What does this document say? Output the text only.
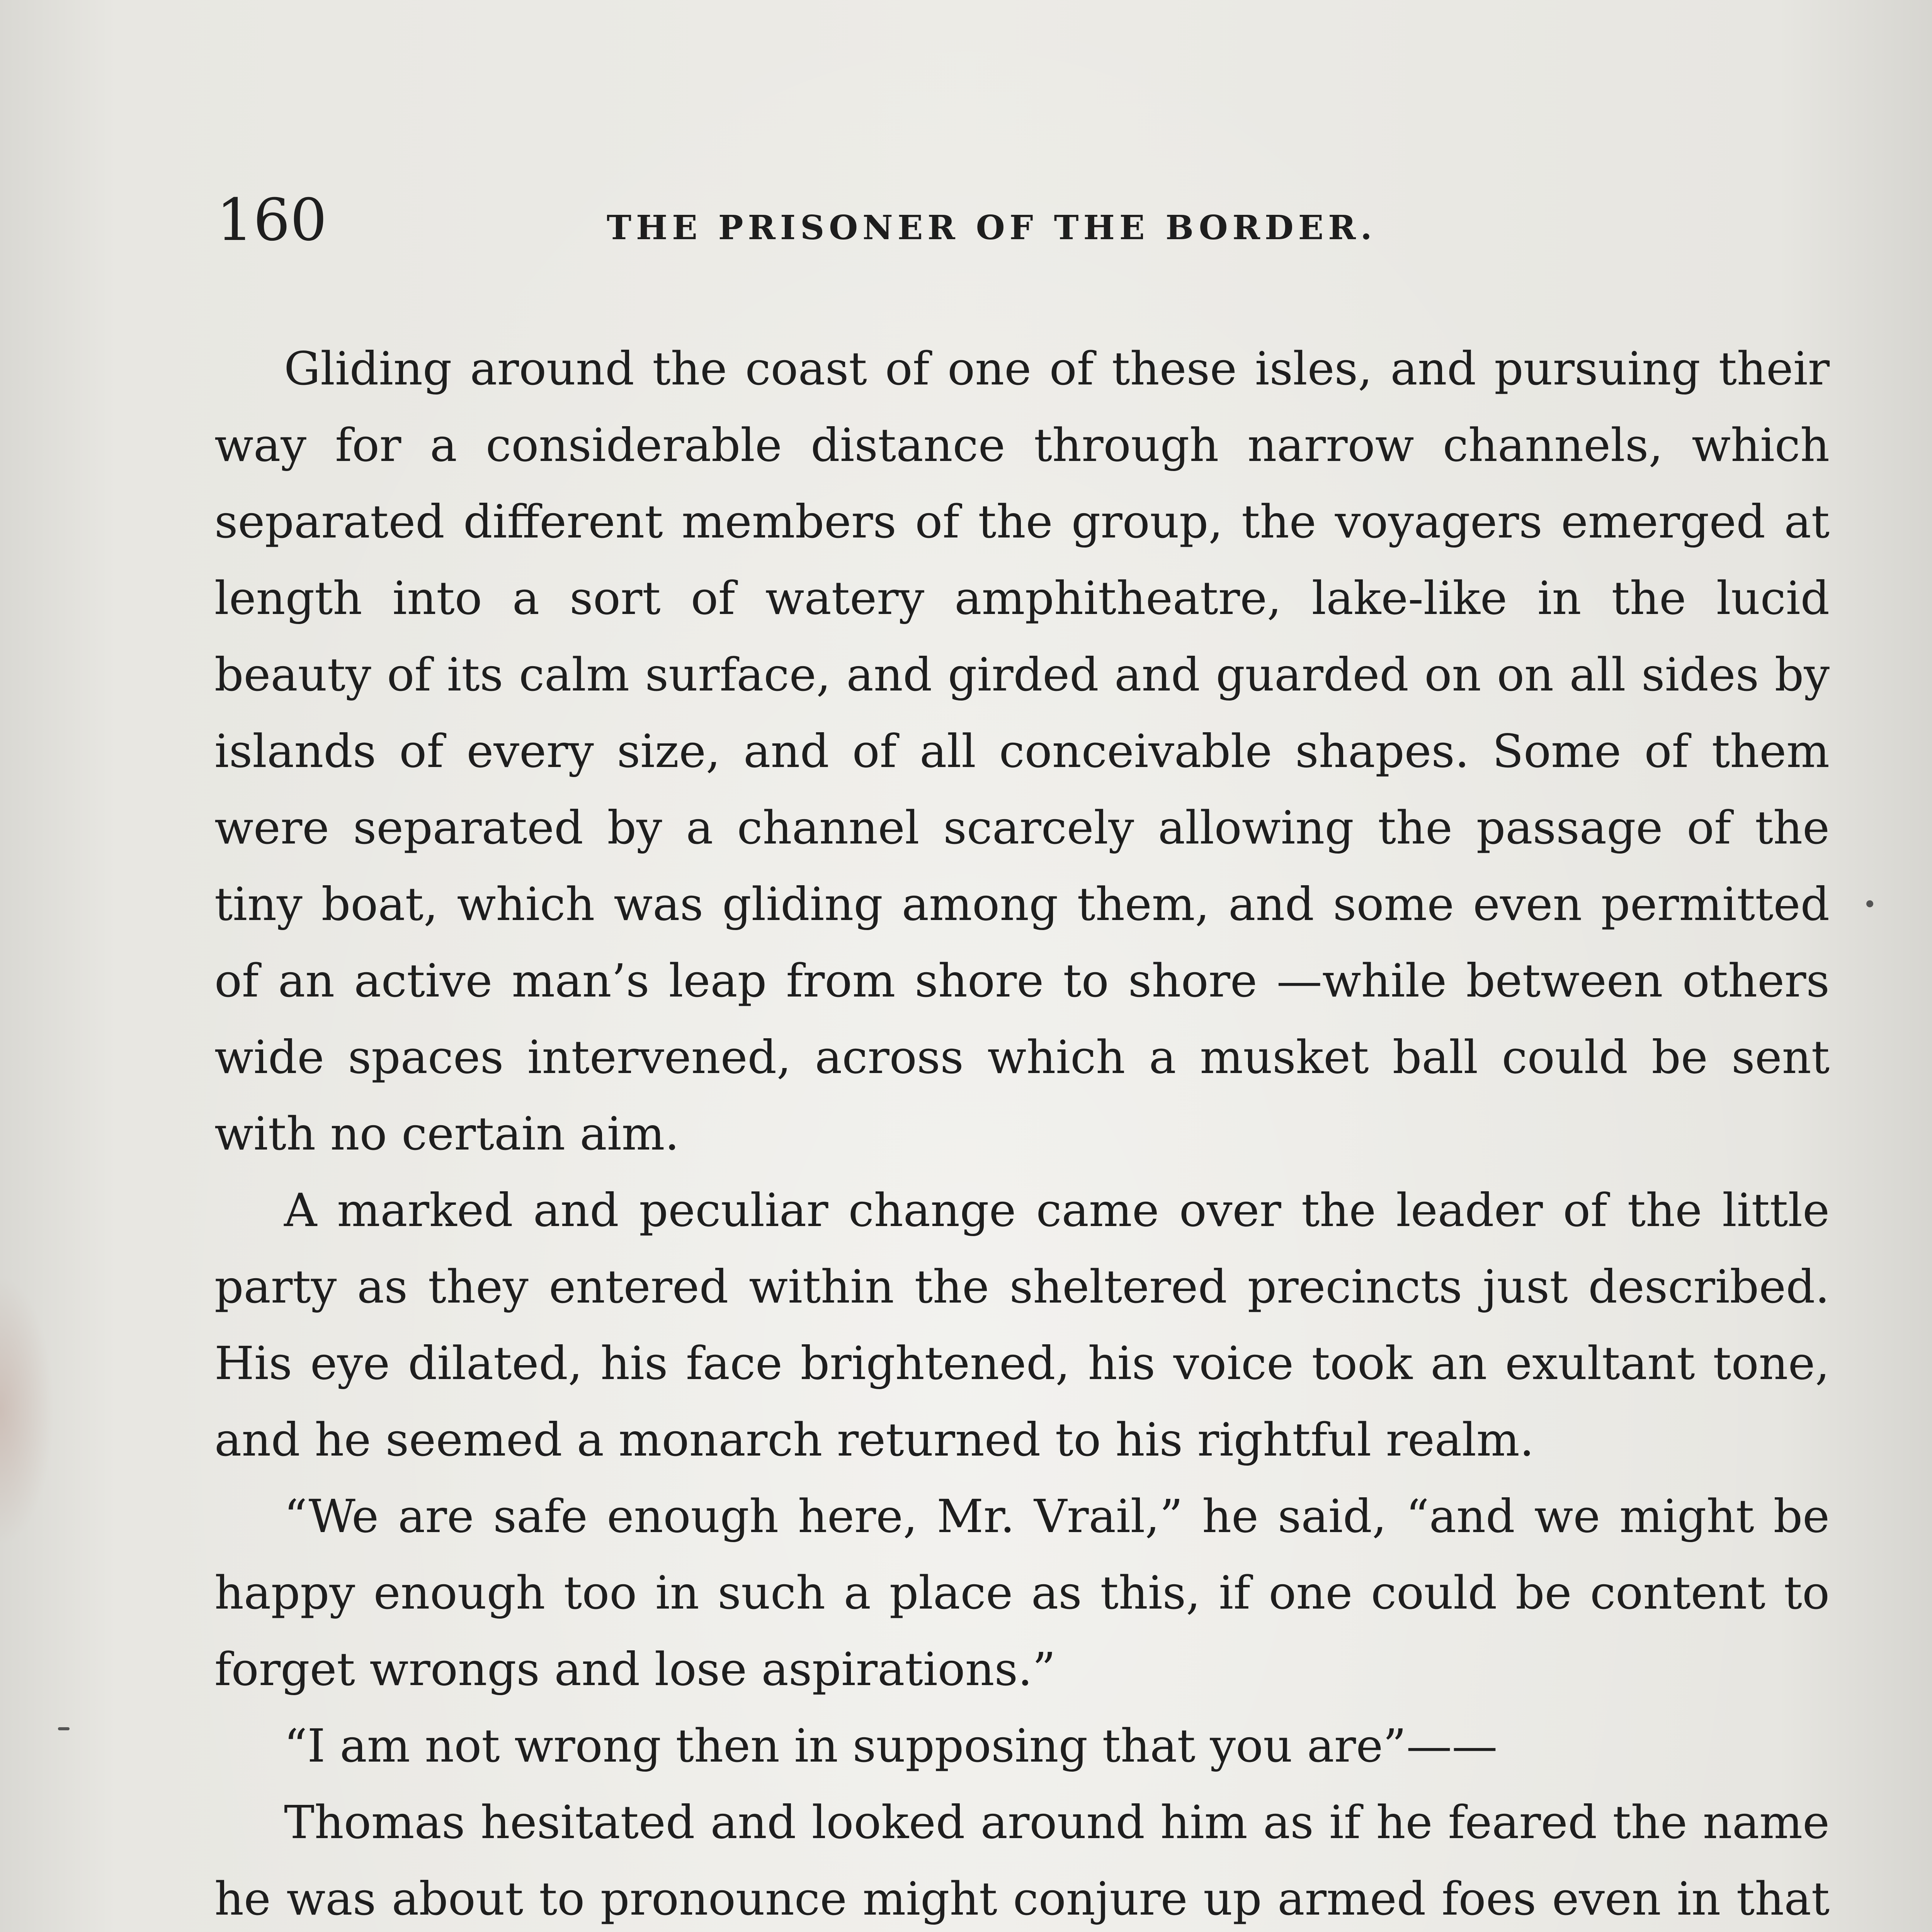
160	THE PRISONER OF THE BORDER.

Gliding around the coast of one of these isles, and pursuing their way for a considerable distance through narrow channels, which separated different members of the group, the voyagers emerged at length into a sort of watery amphitheatre, lake-like in the lucid beauty of its calm surface, and girded and guarded on on all sides by islands of every size, and of all conceivable shapes. Some of them were separated by a channel scarcely allowing the passage of the tiny boat, which was gliding among them, and some even permitted of an active man’s leap from shore to shore —while between others wide spaces intervened, across which a musket ball could be sent with no certain aim.

A marked and peculiar change came over the leader of the little party as they entered within the sheltered precincts just described. His eye dilated, his face brightened, his voice took an exultant tone, and he seemed a monarch returned to his rightful realm.

“We are safe enough here, Mr. Vrail,” he said, “and we might be happy enough too in such a place as this, if one could be content to forget wrongs and lose aspirations.”

“I am not wrong then in supposing that you are”——

Thomas hesitated and looked around him as if he feared the name he was about to pronounce might conjure up armed foes even in that
